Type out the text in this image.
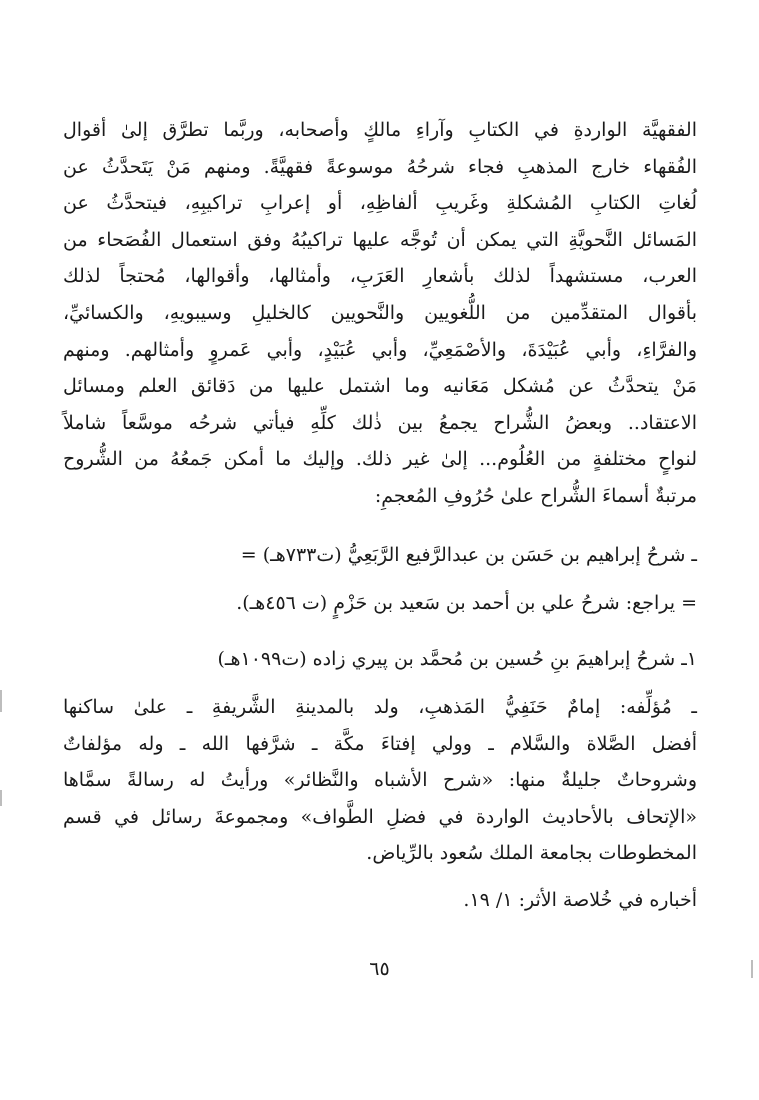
الفقهيَّة الواردةِ في الكتابِ وآراءِ مالكٍ وأصحابه، وربَّما تطرَّق إلىٰ أقوال
الفُقهاء خارج المذهبِ فجاء شرحُهُ موسوعةً فقهيَّةً. ومنهم مَنْ يَتَحدَّثُ عن
لُغاتِ الكتابِ المُشكلةِ وغَريبِ ألفاظِهِ، أو إعرابِ تراكيبِهِ، فيتحدَّثُ عن
المَسائل النَّحويَّةِ التي يمكن أن تُوجَّه عليها تراكيبُهُ وفق استعمال الفُصَحاء من
العرب، مستشهداً لذلك بأشعارِ العَرَبِ، وأمثالها، وأقوالها، مُحتجاً لذلك
بأقوال المتقدِّمين من اللُّغويين والنَّحويين كالخليلِ وسيبويهِ، والكسائيِّ،
والفرَّاءِ، وأبي عُبَيْدَةَ، والأصْمَعِيِّ، وأبي عُبَيْدٍ، وأبي عَمروٍ وأمثالهم. ومنهم
مَنْ يتحدَّثُ عن مُشكل مَعَانيه وما اشتمل عليها من دَقائق العلم ومسائل
الاعتقاد.. وبعضُ الشُّراح يجمعُ بين ذٰلك كلِّهِ فيأتي شرحُه موسَّعاً شاملاً
لنواحٍ مختلفةٍ من العُلُوم... إلىٰ غير ذلك. وإليك ما أمكن جَمعُهُ من الشُّروح
مرتبةٌ أسماءَ الشُّراح علىٰ حُرُوفِ المُعجمِ:
ـ شرحُ إبراهيم بن حَسَن بن عبدالرَّفيع الرَّبَعِيُّ (ت٧٣٣هـ) =
= يراجع: شرحُ علي بن أحمد بن سَعيد بن حَزْمٍ (ت ٤٥٦هـ).
١ـ شرحُ إبراهيمَ بنِ حُسين بن مُحمَّد بن پيري زاده (ت١٠٩٩هـ)
ـ مُؤلِّفه: إمامٌ حَنَفِيُّ المَذهبِ، ولد بالمدينةِ الشَّريفةِ ـ علىٰ ساكنها
أفضل الصَّلاة والسَّلام ـ وولي إفتاءَ مكَّة ـ شرَّفها الله ـ وله مؤلفاتٌ
وشروحاتٌ جليلةٌ منها: «شرح الأشباه والنَّظائر» ورأيتُ له رسالةً سمَّاها
«الإتحاف بالأحاديث الواردة في فضلِ الطَّواف» ومجموعةَ رسائل في قسم
المخطوطات بجامعة الملك سُعود بالرِّياض.
أخباره في خُلاصة الأثر: ١/ ١٩.
٦٥
